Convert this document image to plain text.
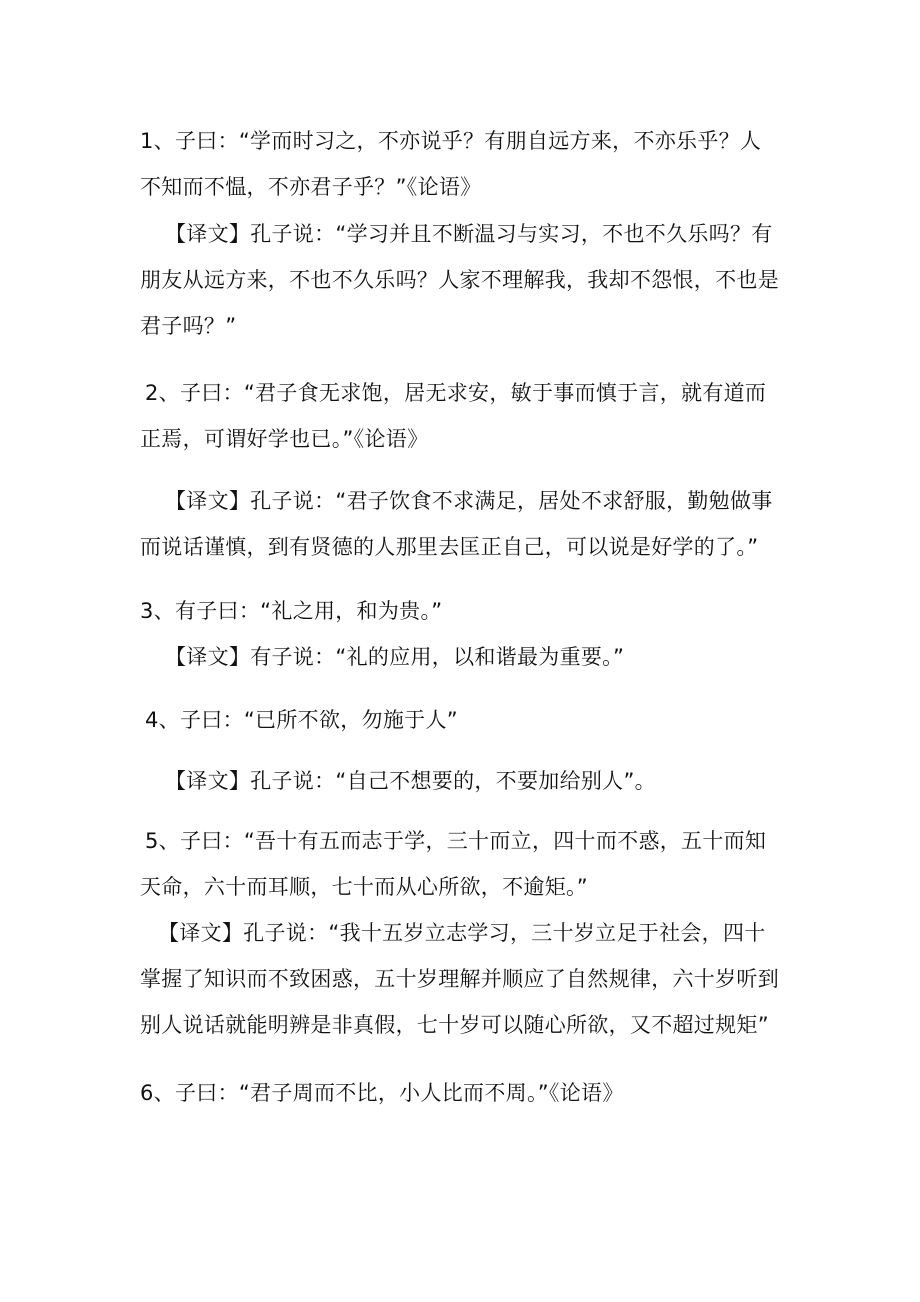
1、子曰：“学而时习之，不亦说乎？有朋自远方来，不亦乐乎？人
不知而不愠，不亦君子乎？”《论语》

【译文】孔子说：“学习并且不断温习与实习，不也不久乐吗？有
朋友从远方来，不也不久乐吗？人家不理解我，我却不怨恨，不也是
君子吗？”

2、子曰：“君子食无求饱，居无求安，敏于事而慎于言，就有道而
正焉，可谓好学也已。”《论语》

【译文】孔子说：“君子饮食不求满足，居处不求舒服，勤勉做事
而说话谨慎，到有贤德的人那里去匡正自己，可以说是好学的了。”

3、有子曰：“礼之用，和为贵。”

【译文】有子说：“礼的应用，以和谐最为重要。”

4、子曰：“已所不欲，勿施于人”

【译文】孔子说：“自己不想要的，不要加给别人”。

5、子曰：“吾十有五而志于学，三十而立，四十而不惑，五十而知
天命，六十而耳顺，七十而从心所欲，不逾矩。”

【译文】孔子说：“我十五岁立志学习，三十岁立足于社会，四十
掌握了知识而不致困惑，五十岁理解并顺应了自然规律，六十岁听到
别人说话就能明辨是非真假，七十岁可以随心所欲，又不超过规矩”

6、子曰：“君子周而不比，小人比而不周。”《论语》
